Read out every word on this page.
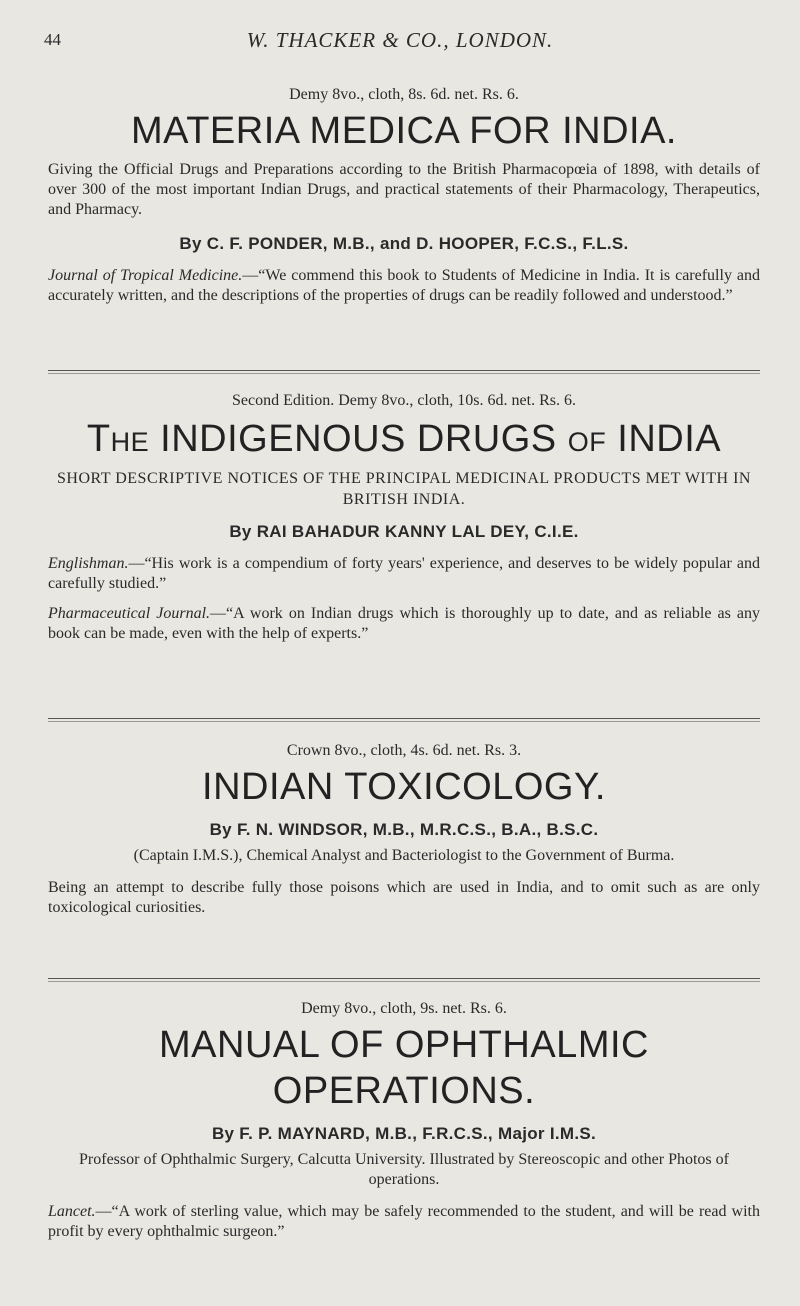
44	W. THACKER & CO., LONDON.

Demy 8vo., cloth, 8s. 6d. net. Rs. 6.

MATERIA MEDICA FOR INDIA.

Giving the Official Drugs and Preparations according to the British Pharmacopœia of 1898, with details of over 300 of the most important Indian Drugs, and practical statements of their Pharmacology, Therapeutics, and Pharmacy.

By C. F. PONDER, M.B., and D. HOOPER, F.C.S., F.L.S.

Journal of Tropical Medicine.—“We commend this book to Students of Medicine in India. It is carefully and accurately written, and the descriptions of the properties of drugs can be readily followed and understood.”

Second Edition. Demy 8vo., cloth, 10s. 6d. net. Rs. 6.

The INDIGENOUS DRUGS of INDIA

SHORT DESCRIPTIVE NOTICES OF THE PRINCIPAL MEDICINAL PRODUCTS MET WITH IN BRITISH INDIA.

By RAI BAHADUR KANNY LAL DEY, C.I.E.

Englishman.—“His work is a compendium of forty years' experience, and deserves to be widely popular and carefully studied.”

Pharmaceutical Journal.—“A work on Indian drugs which is thoroughly up to date, and as reliable as any book can be made, even with the help of experts.”

Crown 8vo., cloth, 4s. 6d. net. Rs. 3.

INDIAN TOXICOLOGY.

By F. N. WINDSOR, M.B., M.R.C.S., B.A., B.S.C.

(Captain I.M.S.), Chemical Analyst and Bacteriologist to the Government of Burma.

Being an attempt to describe fully those poisons which are used in India, and to omit such as are only toxicological curiosities.

Demy 8vo., cloth, 9s. net. Rs. 6.

MANUAL OF OPHTHALMIC
OPERATIONS.

By F. P. MAYNARD, M.B., F.R.C.S., Major I.M.S.

Professor of Ophthalmic Surgery, Calcutta University. Illustrated by Stereoscopic and other Photos of operations.

Lancet.—“A work of sterling value, which may be safely recommended to the student, and will be read with profit by every ophthalmic surgeon.”
